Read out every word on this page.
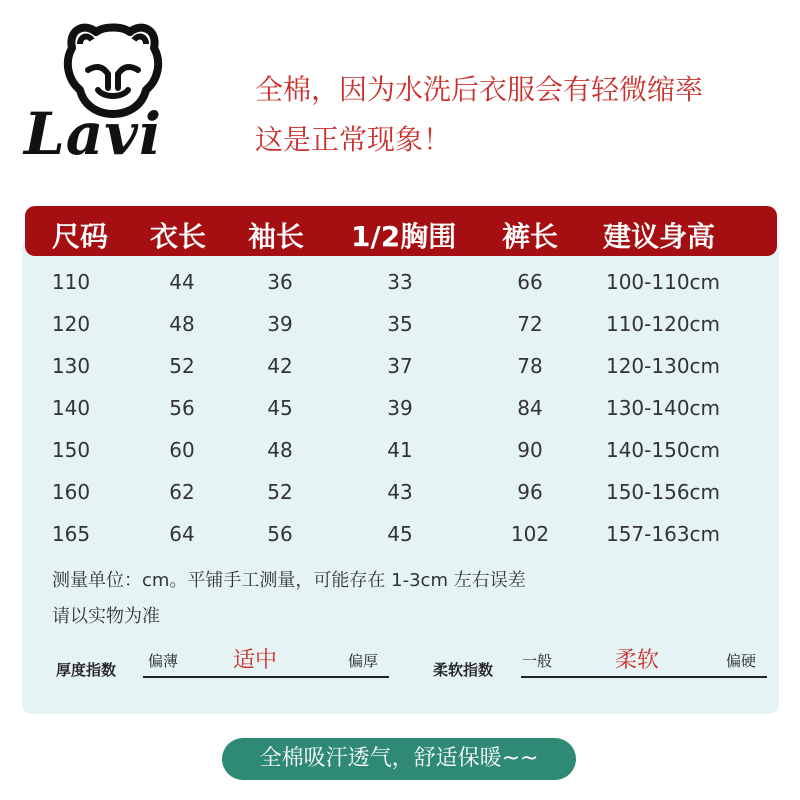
Lavi
全棉，因为水洗后衣服会有轻微缩率
这是正常现象！
尺码 衣长 袖长 1/2胸围 裤长 建议身高
110	44	36	33	66	100-110cm
120	48	39	35	72	110-120cm
130	52	42	37	78	120-130cm
140	56	45	39	84	130-140cm
150	60	48	41	90	140-150cm
160	62	52	43	96	150-156cm
165	64	56	45	102	157-163cm
测量单位：cm。平铺手工测量，可能存在 1-3cm 左右误差
请以实物为准
厚度指数 偏薄 适中	偏厚	柔软指数 一般	柔软	偏硬
全棉吸汗透气，舒适保暖~~
